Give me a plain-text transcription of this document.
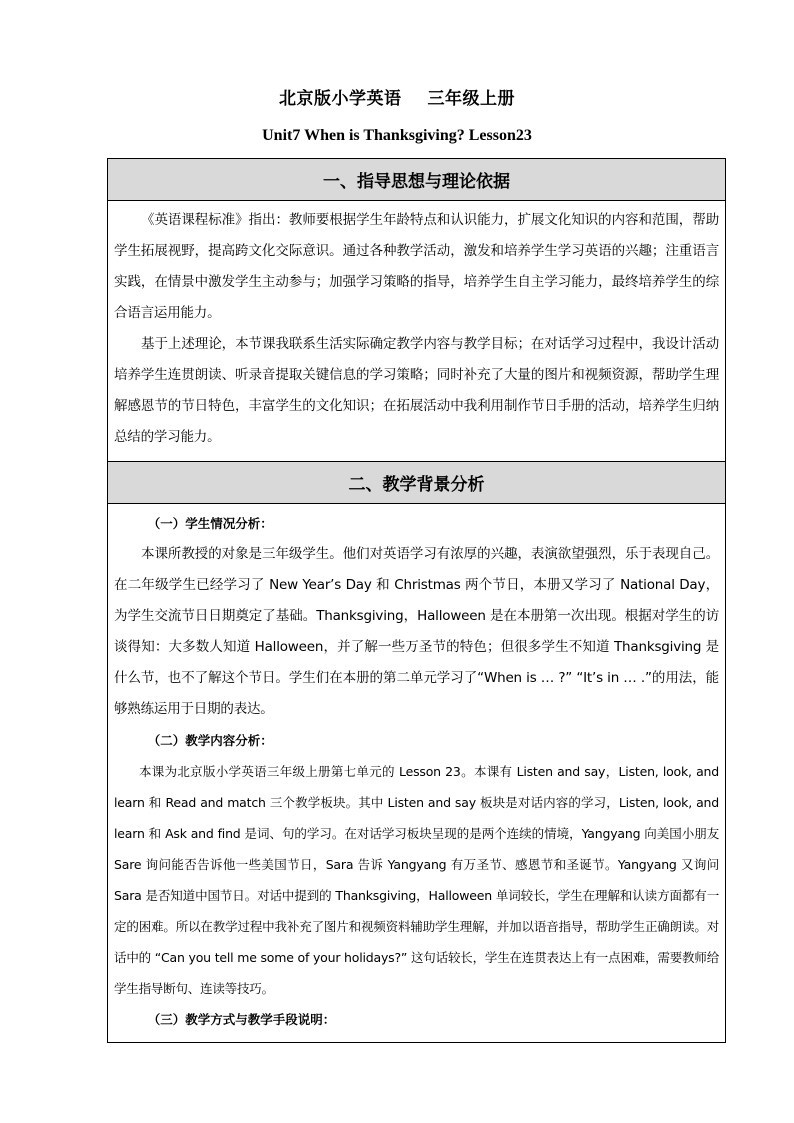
北京版小学英语 三年级上册
Unit7 When is Thanksgiving? Lesson23
一、指导思想与理论依据

《英语课程标准》指出：教师要根据学生年龄特点和认识能力，扩展文化知识的内容和范围，帮助学生拓展视野，提高跨文化交际意识。通过各种教学活动，激发和培养学生学习英语的兴趣；注重语言实践，在情景中激发学生主动参与；加强学习策略的指导，培养学生自主学习能力，最终培养学生的综合语言运用能力。

基于上述理论，本节课我联系生活实际确定教学内容与教学目标；在对话学习过程中，我设计活动培养学生连贯朗读、听录音提取关键信息的学习策略；同时补充了大量的图片和视频资源，帮助学生理解感恩节的节日特色，丰富学生的文化知识；在拓展活动中我利用制作节日手册的活动，培养学生归纳总结的学习能力。

二、教学背景分析

（一）学生情况分析：

本课所教授的对象是三年级学生。他们对英语学习有浓厚的兴趣，表演欲望强烈，乐于表现自己。在二年级学生已经学习了 New Year’s Day 和 Christmas 两个节日，本册又学习了 National Day，为学生交流节日日期奠定了基础。Thanksgiving，Halloween 是在本册第一次出现。根据对学生的访谈得知：大多数人知道 Halloween，并了解一些万圣节的特色；但很多学生不知道 Thanksgiving 是什么节，也不了解这个节日。学生们在本册的第二单元学习了“When is … ?” “It’s in … .”的用法，能够熟练运用于日期的表达。

（二）教学内容分析：

本课为北京版小学英语三年级上册第七单元的 Lesson 23。本课有 Listen and say，Listen, look, and learn 和 Read and match 三个教学板块。其中 Listen and say 板块是对话内容的学习，Listen, look, and learn 和 Ask and find 是词、句的学习。在对话学习板块呈现的是两个连续的情境，Yangyang 向美国小朋友 Sare 询问能否告诉他一些美国节日，Sara 告诉 Yangyang 有万圣节、感恩节和圣诞节。Yangyang 又询问 Sara 是否知道中国节日。对话中提到的 Thanksgiving，Halloween 单词较长，学生在理解和认读方面都有一定的困难。所以在教学过程中我补充了图片和视频资料辅助学生理解，并加以语音指导，帮助学生正确朗读。对话中的 “Can you tell me some of your holidays?” 这句话较长，学生在连贯表达上有一点困难，需要教师给学生指导断句、连读等技巧。

（三）教学方式与教学手段说明：
